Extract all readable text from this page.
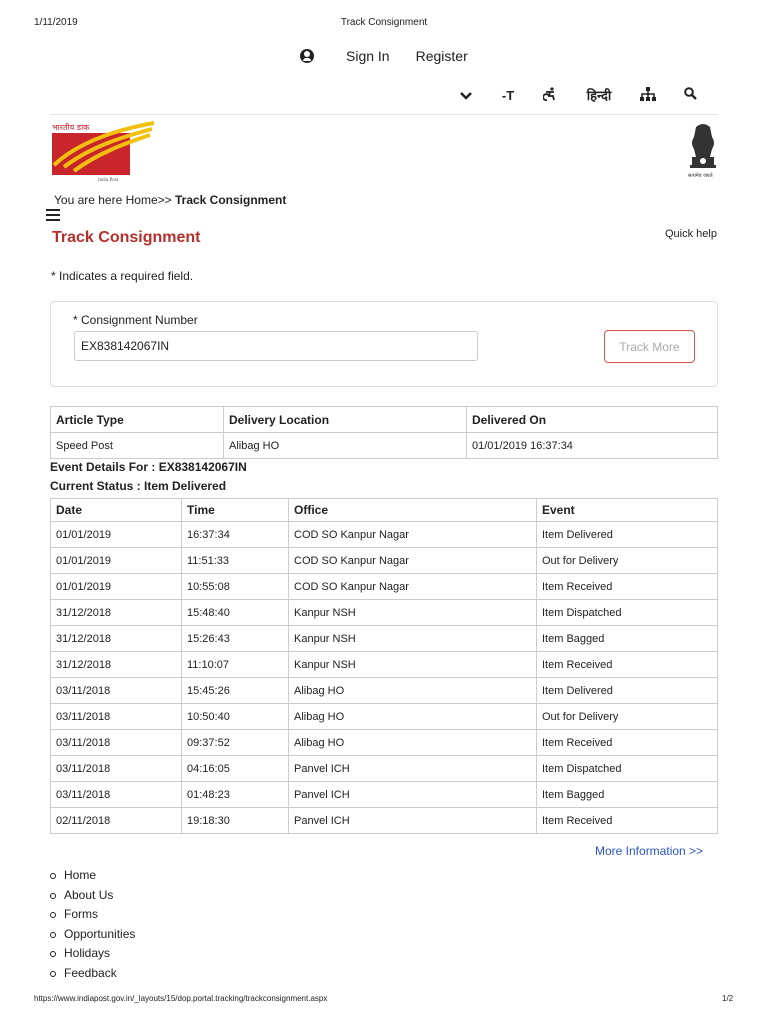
1/11/2019	Track Consignment
Sign In Register
-T	हिन्दी
भारतीय डाक
India Post
सत्यमेव जयते
You are here Home>> Track Consignment
Track Consignment	Quick help
* Indicates a required field.
* Consignment Number
EX838142067IN
Track More
Article Type	Delivery Location	Delivered On
Speed Post	Alibag HO	01/01/2019 16:37:34
Event Details For : EX838142067IN
Current Status : Item Delivered
Date	Time	Office	Event
01/01/2019	16:37:34	COD SO Kanpur Nagar	Item Delivered
01/01/2019	11:51:33	COD SO Kanpur Nagar	Out for Delivery
01/01/2019	10:55:08	COD SO Kanpur Nagar	Item Received
31/12/2018	15:48:40	Kanpur NSH	Item Dispatched
31/12/2018	15:26:43	Kanpur NSH	Item Bagged
31/12/2018	11:10:07	Kanpur NSH	Item Received
03/11/2018	15:45:26	Alibag HO	Item Delivered
03/11/2018	10:50:40	Alibag HO	Out for Delivery
03/11/2018	09:37:52	Alibag HO	Item Received
03/11/2018	04:16:05	Panvel ICH	Item Dispatched
03/11/2018	01:48:23	Panvel ICH	Item Bagged
02/11/2018	19:18:30	Panvel ICH	Item Received
More Information >>
Home
About Us
Forms
Opportunities
Holidays
Feedback
https://www.indiapost.gov.in/_layouts/15/dop.portal.tracking/trackconsignment.aspx	1/2
